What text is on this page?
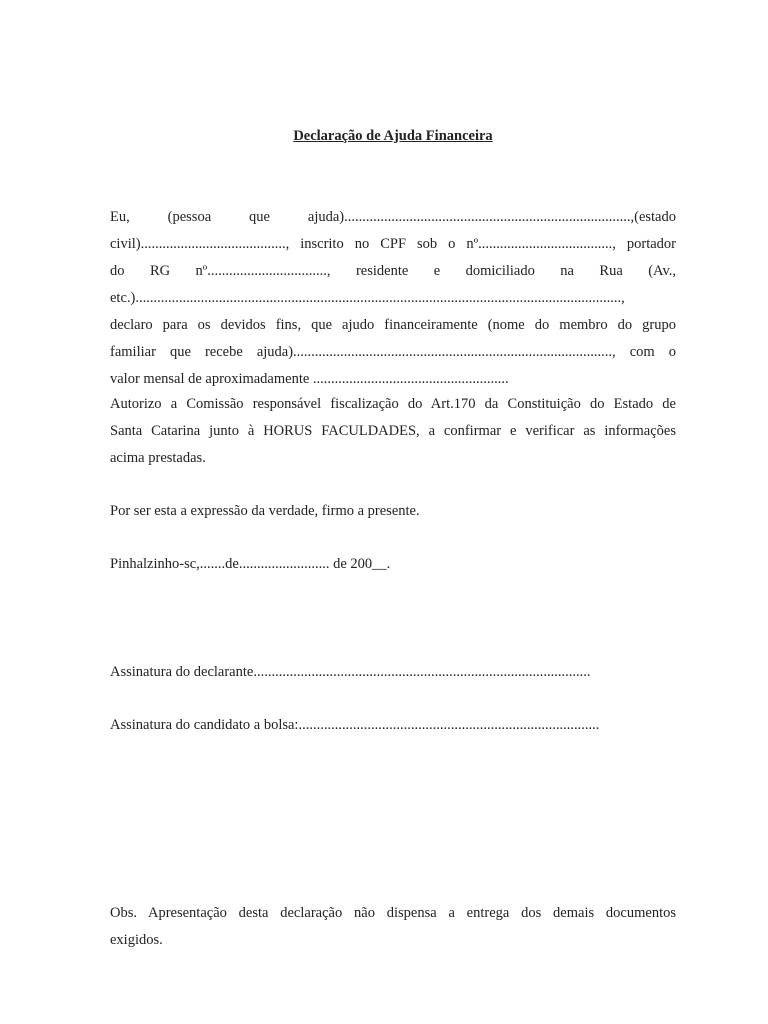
Declaração de Ajuda Financeira
Eu, (pessoa que ajuda)...............................................................................,(estado
civil)........................................, inscrito no CPF sob o nº....................................., portador
do RG nº................................., residente e domiciliado na Rua (Av.,
etc.)......................................................................................................................................,
declaro para os devidos fins, que ajudo financeiramente (nome do membro do grupo
familiar que recebe ajuda)........................................................................................, com o
valor mensal de aproximadamente ......................................................
Autorizo a Comissão responsável fiscalização do Art.170 da Constituição do Estado de
Santa Catarina junto à HORUS FACULDADES, a confirmar e verificar as informações
acima prestadas.
Por ser esta a expressão da verdade, firmo a presente.
Pinhalzinho-sc,.......de......................... de 200__.
Assinatura do declarante.............................................................................................
Assinatura do candidato a bolsa:...................................................................................
Obs. Apresentação desta declaração não dispensa a entrega dos demais documentos
exigidos.
